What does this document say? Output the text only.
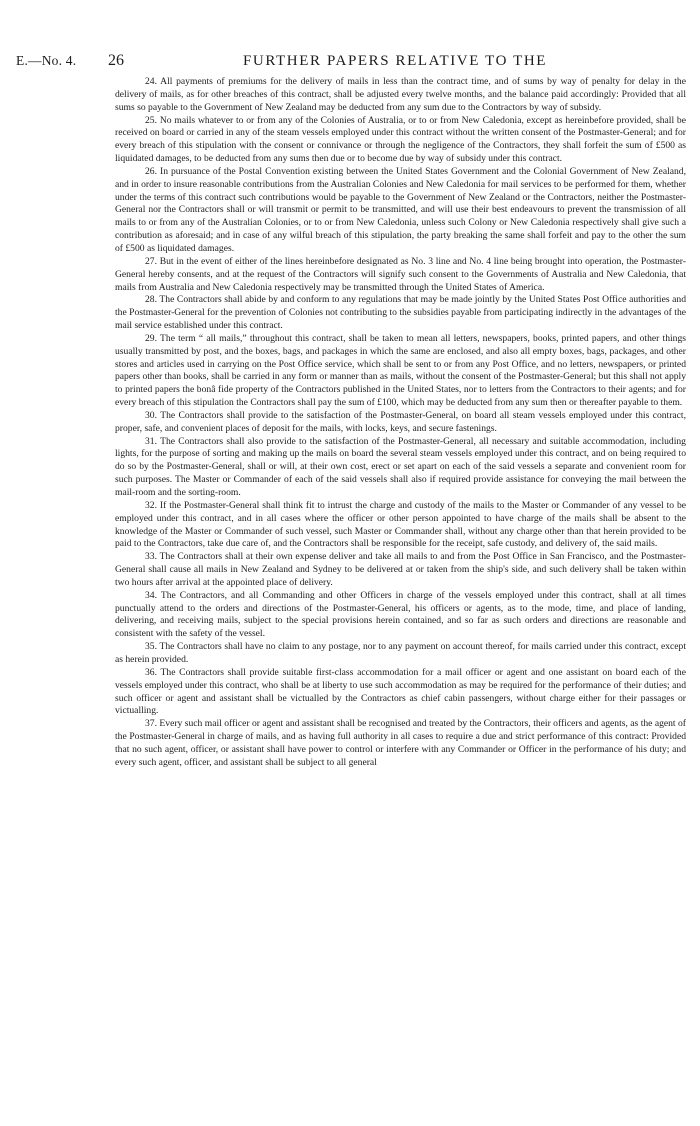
E.—No. 4. 26	FURTHER PAPERS RELATIVE TO THE

24. All payments of premiums for the delivery of mails in less than the contract time, and of sums by way of penalty for delay in the delivery of mails, as for other breaches of this contract, shall be adjusted every twelve months, and the balance paid accordingly: Provided that all sums so payable to the Government of New Zealand may be deducted from any sum due to the Contractors by way of subsidy.

25. No mails whatever to or from any of the Colonies of Australia, or to or from New Caledonia, except as hereinbefore provided, shall be received on board or carried in any of the steam vessels employed under this contract without the written consent of the Postmaster-General; and for every breach of this stipulation with the consent or connivance or through the negligence of the Contractors, they shall forfeit the sum of £500 as liquidated damages, to be deducted from any sums then due or to become due by way of subsidy under this contract.

26. In pursuance of the Postal Convention existing between the United States Government and the Colonial Government of New Zealand, and in order to insure reasonable contributions from the Australian Colonies and New Caledonia for mail services to be performed for them, whether under the terms of this contract such contributions would be payable to the Government of New Zealand or the Contractors, neither the Postmaster-General nor the Contractors shall or will transmit or permit to be transmitted, and will use their best endeavours to prevent the transmission of all mails to or from any of the Australian Colonies, or to or from New Caledonia, unless such Colony or New Caledonia respectively shall give such a contribution as aforesaid; and in case of any wilful breach of this stipulation, the party breaking the same shall forfeit and pay to the other the sum of £500 as liquidated damages.

27. But in the event of either of the lines hereinbefore designated as No. 3 line and No. 4 line being brought into operation, the Postmaster-General hereby consents, and at the request of the Contractors will signify such consent to the Governments of Australia and New Caledonia, that mails from Australia and New Caledonia respectively may be transmitted through the United States of America.

28. The Contractors shall abide by and conform to any regulations that may be made jointly by the United States Post Office authorities and the Postmaster-General for the prevention of Colonies not contributing to the subsidies payable from participating indirectly in the advantages of the mail service established under this contract.

29. The term “ all mails,” throughout this contract, shall be taken to mean all letters, newspapers, books, printed papers, and other things usually transmitted by post, and the boxes, bags, and packages in which the same are enclosed, and also all empty boxes, bags, packages, and other stores and articles used in carrying on the Post Office service, which shall be sent to or from any Post Office, and no letters, newspapers, or printed papers other than books, shall be carried in any form or manner than as mails, without the consent of the Postmaster-General; but this shall not apply to printed papers the bonâ fide property of the Contractors published in the United States, nor to letters from the Contractors to their agents; and for every breach of this stipulation the Contractors shall pay the sum of £100, which may be deducted from any sum then or thereafter payable to them.

30. The Contractors shall provide to the satisfaction of the Postmaster-General, on board all steam vessels employed under this contract, proper, safe, and convenient places of deposit for the mails, with locks, keys, and secure fastenings.

31. The Contractors shall also provide to the satisfaction of the Postmaster-General, all necessary and suitable accommodation, including lights, for the purpose of sorting and making up the mails on board the several steam vessels employed under this contract, and on being required to do so by the Postmaster-General, shall or will, at their own cost, erect or set apart on each of the said vessels a separate and convenient room for such purposes. The Master or Commander of each of the said vessels shall also if required provide assistance for conveying the mail between the mail-room and the sorting-room.

32. If the Postmaster-General shall think fit to intrust the charge and custody of the mails to the Master or Commander of any vessel to be employed under this contract, and in all cases where the officer or other person appointed to have charge of the mails shall be absent to the knowledge of the Master or Commander of such vessel, such Master or Commander shall, without any charge other than that herein provided to be paid to the Contractors, take due care of, and the Contractors shall be responsible for the receipt, safe custody, and delivery of, the said mails.

33. The Contractors shall at their own expense deliver and take all mails to and from the Post Office in San Francisco, and the Postmaster-General shall cause all mails in New Zealand and Sydney to be delivered at or taken from the ship's side, and such delivery shall be taken within two hours after arrival at the appointed place of delivery.

34. The Contractors, and all Commanding and other Officers in charge of the vessels employed under this contract, shall at all times punctually attend to the orders and directions of the Postmaster-General, his officers or agents, as to the mode, time, and place of landing, delivering, and receiving mails, subject to the special provisions herein contained, and so far as such orders and directions are reasonable and consistent with the safety of the vessel.

35. The Contractors shall have no claim to any postage, nor to any payment on account thereof, for mails carried under this contract, except as herein provided.

36. The Contractors shall provide suitable first-class accommodation for a mail officer or agent and one assistant on board each of the vessels employed under this contract, who shall be at liberty to use such accommodation as may be required for the performance of their duties; and such officer or agent and assistant shall be victualled by the Contractors as chief cabin passengers, without charge either for their passages or victualling.

37. Every such mail officer or agent and assistant shall be recognised and treated by the Contractors, their officers and agents, as the agent of the Postmaster-General in charge of mails, and as having full authority in all cases to require a due and strict performance of this contract: Provided that no such agent, officer, or assistant shall have power to control or interfere with any Commander or Officer in the performance of his duty; and every such agent, officer, and assistant shall be subject to all general
